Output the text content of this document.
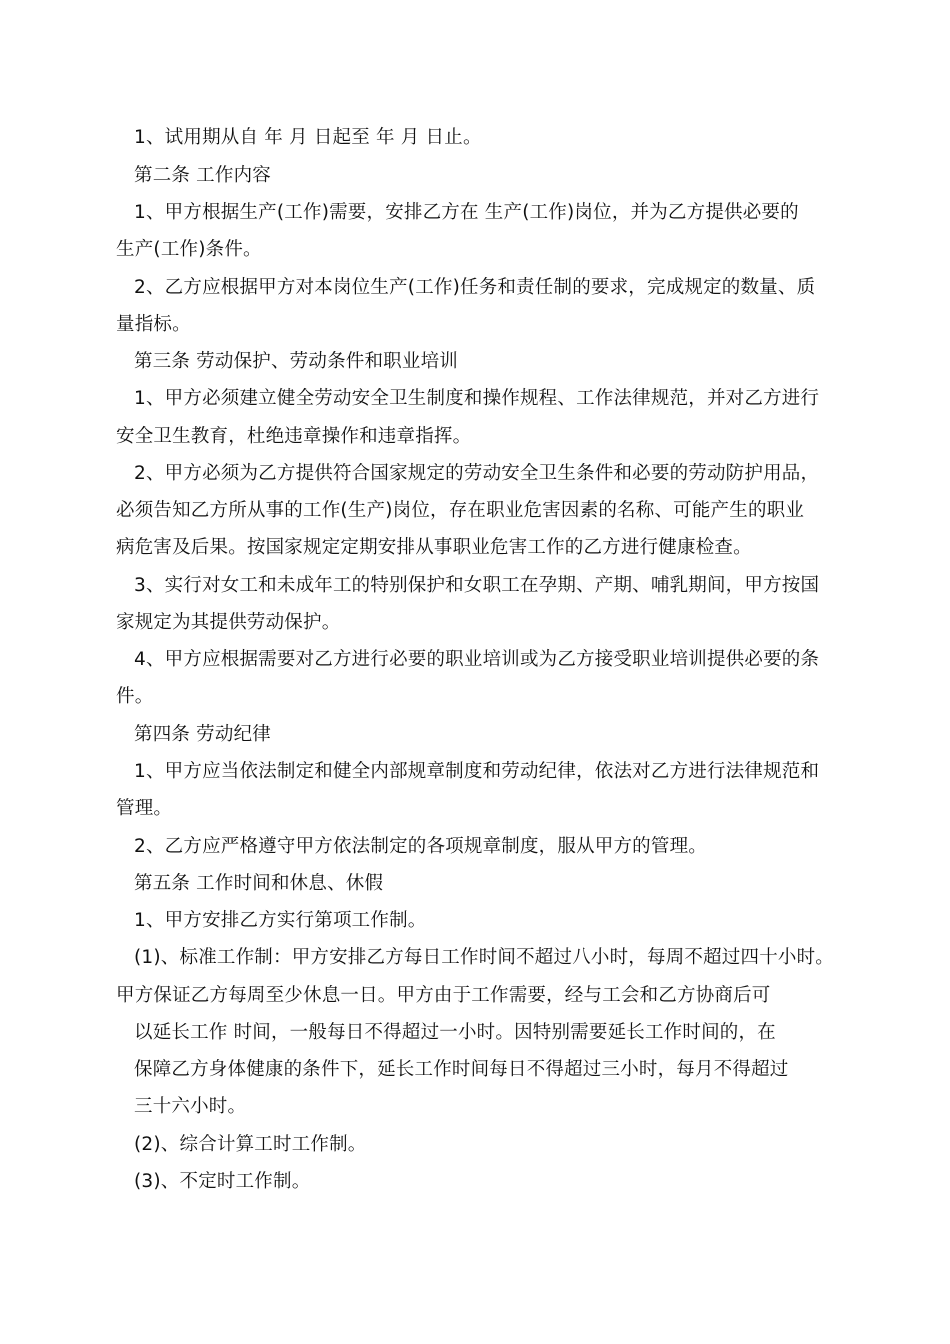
1、试用期从自 年 月 日起至 年 月 日止。
第二条 工作内容
1、甲方根据生产(工作)需要，安排乙方在 生产(工作)岗位，并为乙方提供必要的
生产(工作)条件。
2、乙方应根据甲方对本岗位生产(工作)任务和责任制的要求，完成规定的数量、质
量指标。
第三条 劳动保护、劳动条件和职业培训
1、甲方必须建立健全劳动安全卫生制度和操作规程、工作法律规范，并对乙方进行
安全卫生教育，杜绝违章操作和违章指挥。
2、甲方必须为乙方提供符合国家规定的劳动安全卫生条件和必要的劳动防护用品，
必须告知乙方所从事的工作(生产)岗位，存在职业危害因素的名称、可能产生的职业
病危害及后果。按国家规定定期安排从事职业危害工作的乙方进行健康检查。
3、实行对女工和未成年工的特别保护和女职工在孕期、产期、哺乳期间，甲方按国
家规定为其提供劳动保护。
4、甲方应根据需要对乙方进行必要的职业培训或为乙方接受职业培训提供必要的条
件。
第四条 劳动纪律
1、甲方应当依法制定和健全内部规章制度和劳动纪律，依法对乙方进行法律规范和
管理。
2、乙方应严格遵守甲方依法制定的各项规章制度，服从甲方的管理。
第五条 工作时间和休息、休假
1、甲方安排乙方实行第项工作制。
(1)、标准工作制：甲方安排乙方每日工作时间不超过八小时，每周不超过四十小时。
甲方保证乙方每周至少休息一日。甲方由于工作需要，经与工会和乙方协商后可
以延长工作 时间，一般每日不得超过一小时。因特别需要延长工作时间的，在
保障乙方身体健康的条件下，延长工作时间每日不得超过三小时，每月不得超过
三十六小时。
(2)、综合计算工时工作制。
(3)、不定时工作制。
